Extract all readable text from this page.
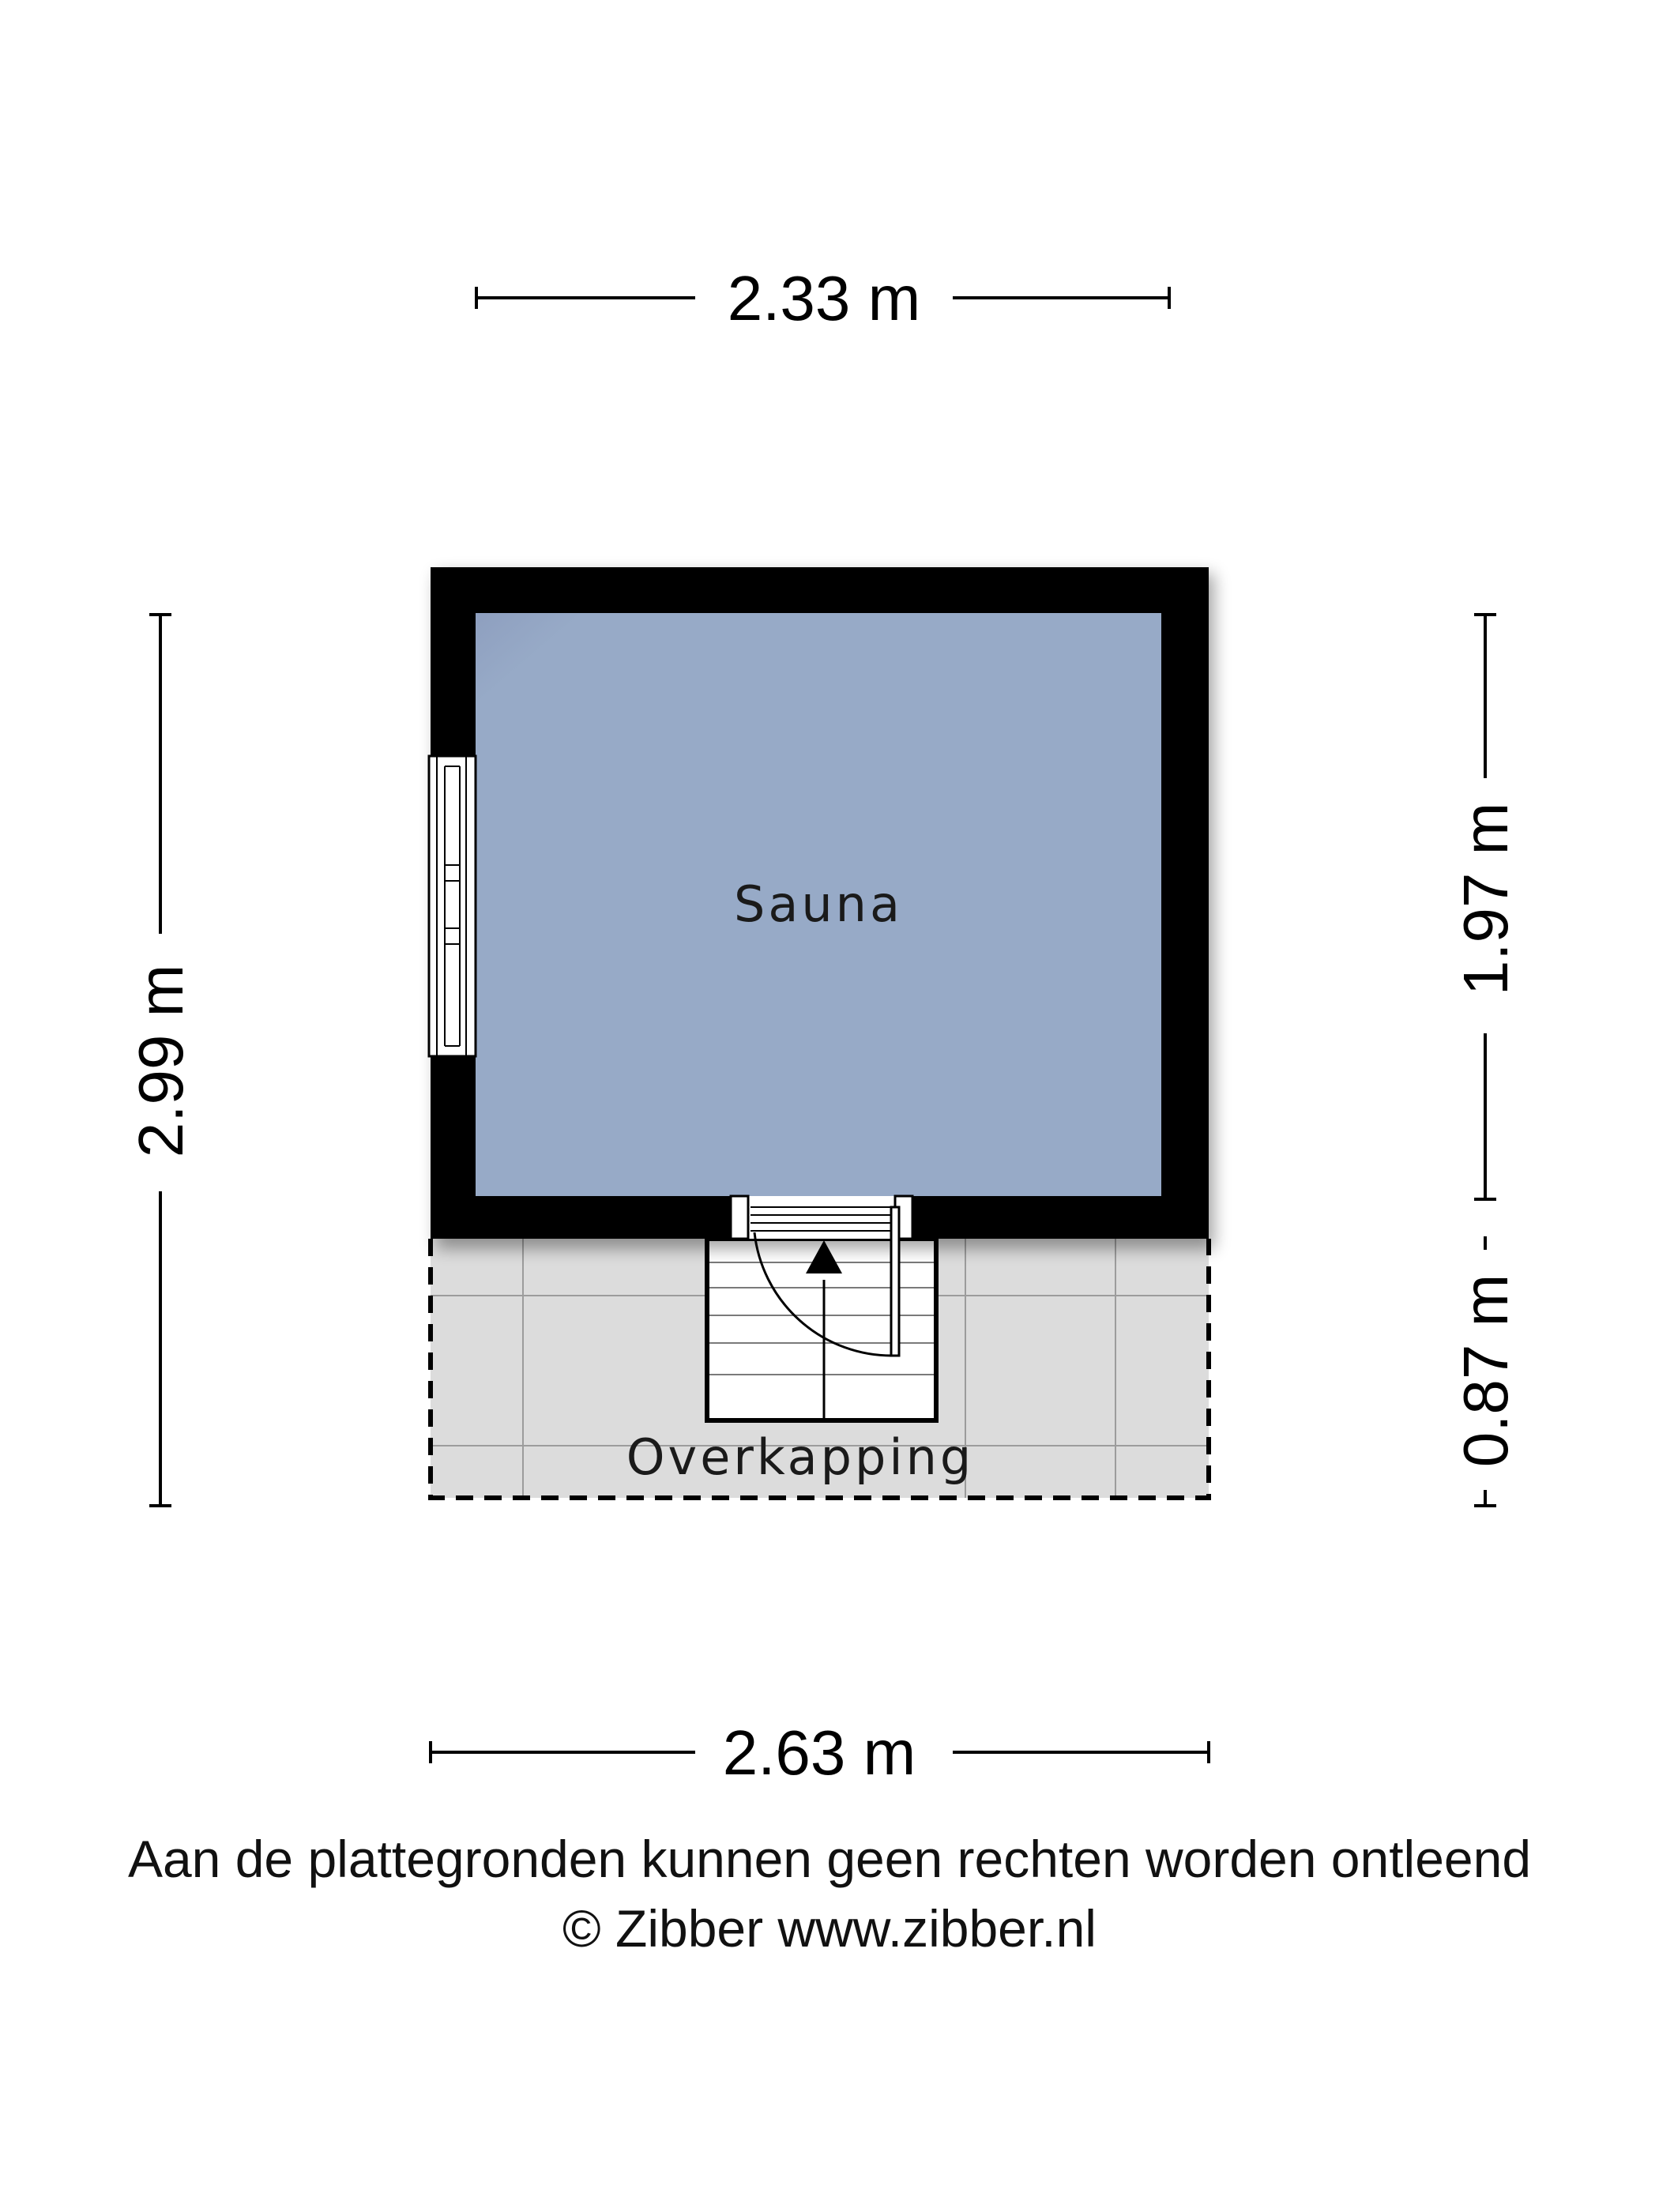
2.33 m
2.99 m
1.97 m
0.87 m
2.63 m
Sauna
Overkapping
Aan de plattegronden kunnen geen rechten worden ontleend
© Zibber www.zibber.nl
